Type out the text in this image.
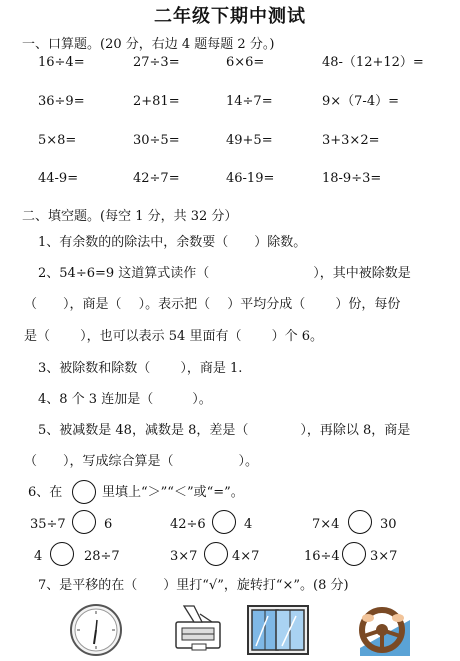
二年级下期中测试
一、口算题。(20 分，右边 4 题每题 2 分。)
16÷4=	27÷3=	6×6=	48-（12+12）=
36÷9=	2+81=	14÷7=	9×（7-4）=
5×8=	30÷5=	49+5=	3+3×2=
44-9=	42÷7=	46-19=	18-9÷3=
二、填空题。(每空 1 分，共 32 分）
1、有余数的的除法中，余数要（　　）除数。
2、54÷6=9 这道算式读作（　　　　　　　　），其中被除数是
（　　），商是（　 ）。表示把（　 ）平均分成（　　 ）份，每份
是（　　 ），也可以表示 54 里面有（　　 ）个 6。
3、被除数和除数（　　 ），商是 1.
4、8 个 3 连加是（　　　）。
5、被减数是 48，减数是 8，差是（　　　　），再除以 8，商是
（　　），写成综合算是（　　　　　）。
6、在	里填上“＞”“＜”或“=”。
35÷7	6	42÷6	4	7×4	30
4	28÷7	3×7	4×7	16÷4 3×7
7、是平移的在（　　）里打“√”，旋转打“×”。(8 分)
